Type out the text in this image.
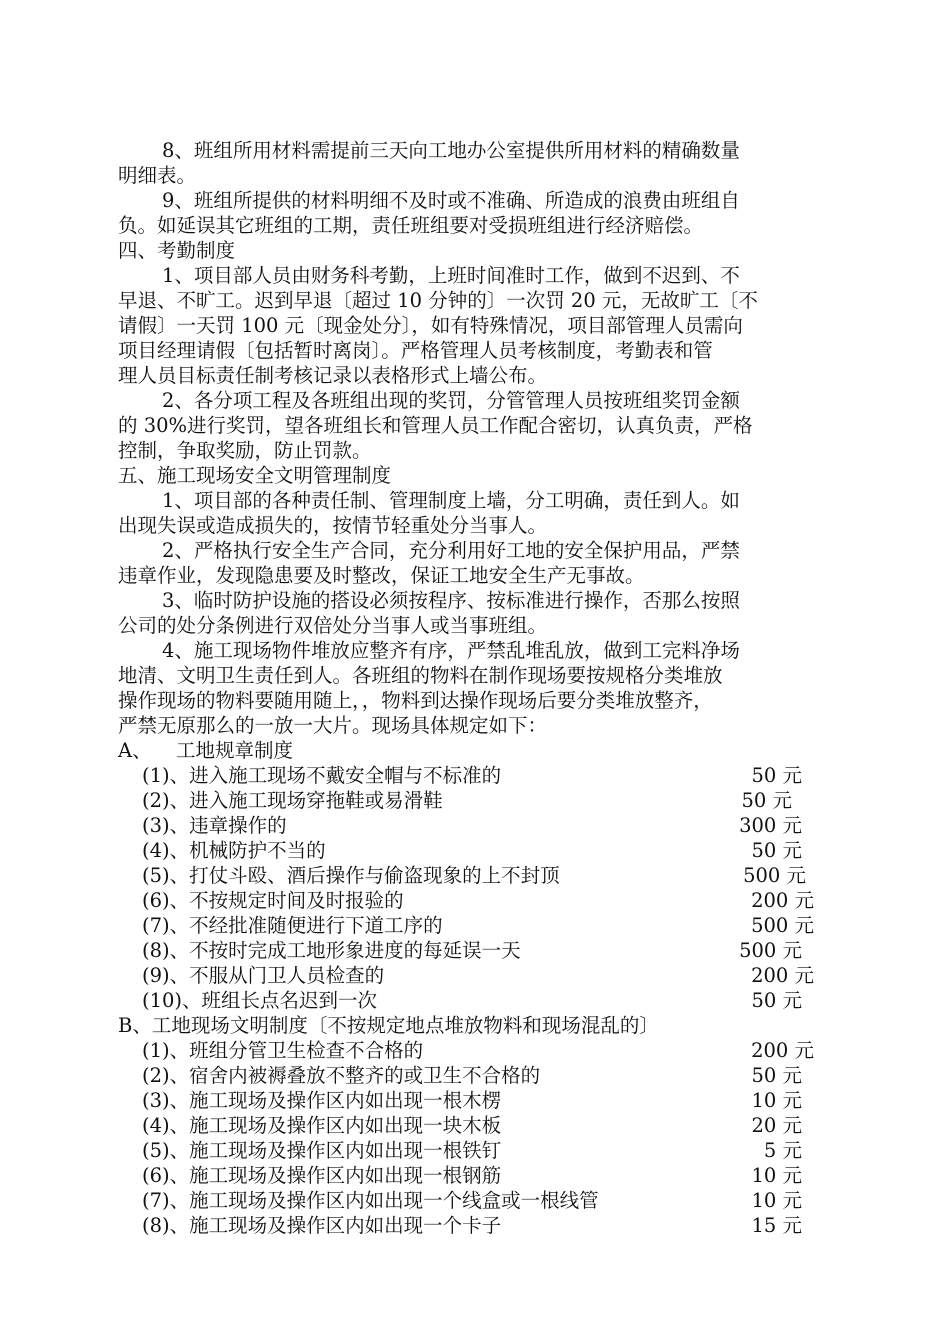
8、班组所用材料需提前三天向工地办公室提供所用材料的精确数量
明细表。
9、班组所提供的材料明细不及时或不准确、所造成的浪费由班组自
负。如延误其它班组的工期，责任班组要对受损班组进行经济赔偿。
四、考勤制度
1、项目部人员由财务科考勤，上班时间准时工作，做到不迟到、不
早退、不旷工。迟到早退〔超过 10 分钟的〕一次罚 20 元，无故旷工〔不
请假〕一天罚 100 元〔现金处分〕，如有特殊情况，项目部管理人员需向
项目经理请假〔包括暂时离岗〕。严格管理人员考核制度，考勤表和管
理人员目标责任制考核记录以表格形式上墙公布。
2、各分项工程及各班组出现的奖罚，分管管理人员按班组奖罚金额
的 30%进行奖罚，望各班组长和管理人员工作配合密切，认真负责，严格
控制，争取奖励，防止罚款。
五、施工现场安全文明管理制度
1、项目部的各种责任制、管理制度上墙，分工明确，责任到人。如
出现失误或造成损失的，按情节轻重处分当事人。
2、严格执行安全生产合同，充分利用好工地的安全保护用品，严禁
违章作业，发现隐患要及时整改，保证工地安全生产无事故。
3、临时防护设施的搭设必须按程序、按标准进行操作，否那么按照
公司的处分条例进行双倍处分当事人或当事班组。
4、施工现场物件堆放应整齐有序，严禁乱堆乱放，做到工完料净场
地清、文明卫生责任到人。各班组的物料在制作现场要按规格分类堆放
操作现场的物料要随用随上，，物料到达操作现场后要分类堆放整齐，
严禁无原那么的一放一大片。现场具体规定如下：
A、 工地规章制度
(1)、进入施工现场不戴安全帽与不标准的	50 元
(2)、进入施工现场穿拖鞋或易滑鞋	50 元
(3)、违章操作的	300 元
(4)、机械防护不当的	50 元
(5)、打仗斗殴、酒后操作与偷盗现象的上不封顶	500 元
(6)、不按规定时间及时报验的	200 元
(7)、不经批准随便进行下道工序的	500 元
(8)、不按时完成工地形象进度的每延误一天	500 元
(9)、不服从门卫人员检查的	200 元
(10)、班组长点名迟到一次	50 元
B、工地现场文明制度〔不按规定地点堆放物料和现场混乱的〕
(1)、班组分管卫生检查不合格的	200 元
(2)、宿舍内被褥叠放不整齐的或卫生不合格的	50 元
(3)、施工现场及操作区内如出现一根木楞	10 元
(4)、施工现场及操作区内如出现一块木板	20 元
(5)、施工现场及操作区内如出现一根铁钉	5 元
(6)、施工现场及操作区内如出现一根钢筋	10 元
(7)、施工现场及操作区内如出现一个线盒或一根线管	10 元
(8)、施工现场及操作区内如出现一个卡子	15 元
